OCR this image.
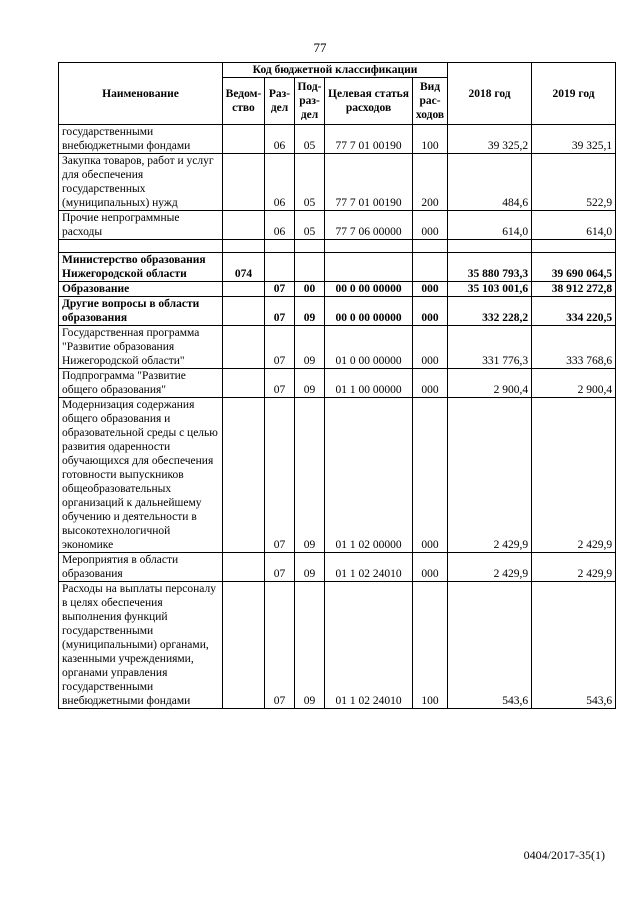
77
Наименование	Код бюджетной классификации					2018 год	2019 год
	Ведом-ство	Раз-дел	Под-раз-дел	Целевая статья расходов	Вид рас-ходов		
государственными внебюджетными фондами		06	05	77 7 01 00190	100	39 325,2	39 325,1
Закупка товаров, работ и услуг для обеспечения государственных (муниципальных) нужд		06	05	77 7 01 00190	200	484,6	522,9
Прочие непрограммные расходы		06	05	77 7 06 00000	000	614,0	614,0

Министерство образования Нижегородской области	074					35 880 793,3	39 690 064,5
Образование		07	00	00 0 00 00000	000	35 103 001,6	38 912 272,8
Другие вопросы в области образования		07	09	00 0 00 00000	000	332 228,2	334 220,5
Государственная программа "Развитие образования Нижегородской области"		07	09	01 0 00 00000	000	331 776,3	333 768,6
Подпрограмма "Развитие общего образования"		07	09	01 1 00 00000	000	2 900,4	2 900,4
Модернизация содержания общего образования и образовательной среды с целью развития одаренности обучающихся для обеспечения готовности выпускников общеобразовательных организаций к дальнейшему обучению и деятельности в высокотехнологичной экономике		07	09	01 1 02 00000	000	2 429,9	2 429,9
Мероприятия в области образования		07	09	01 1 02 24010	000	2 429,9	2 429,9
Расходы на выплаты персоналу в целях обеспечения выполнения функций государственными (муниципальными) органами, казенными учреждениями, органами управления государственными внебюджетными фондами		07	09	01 1 02 24010	100	543,6	543,6
0404/2017-35(1)
